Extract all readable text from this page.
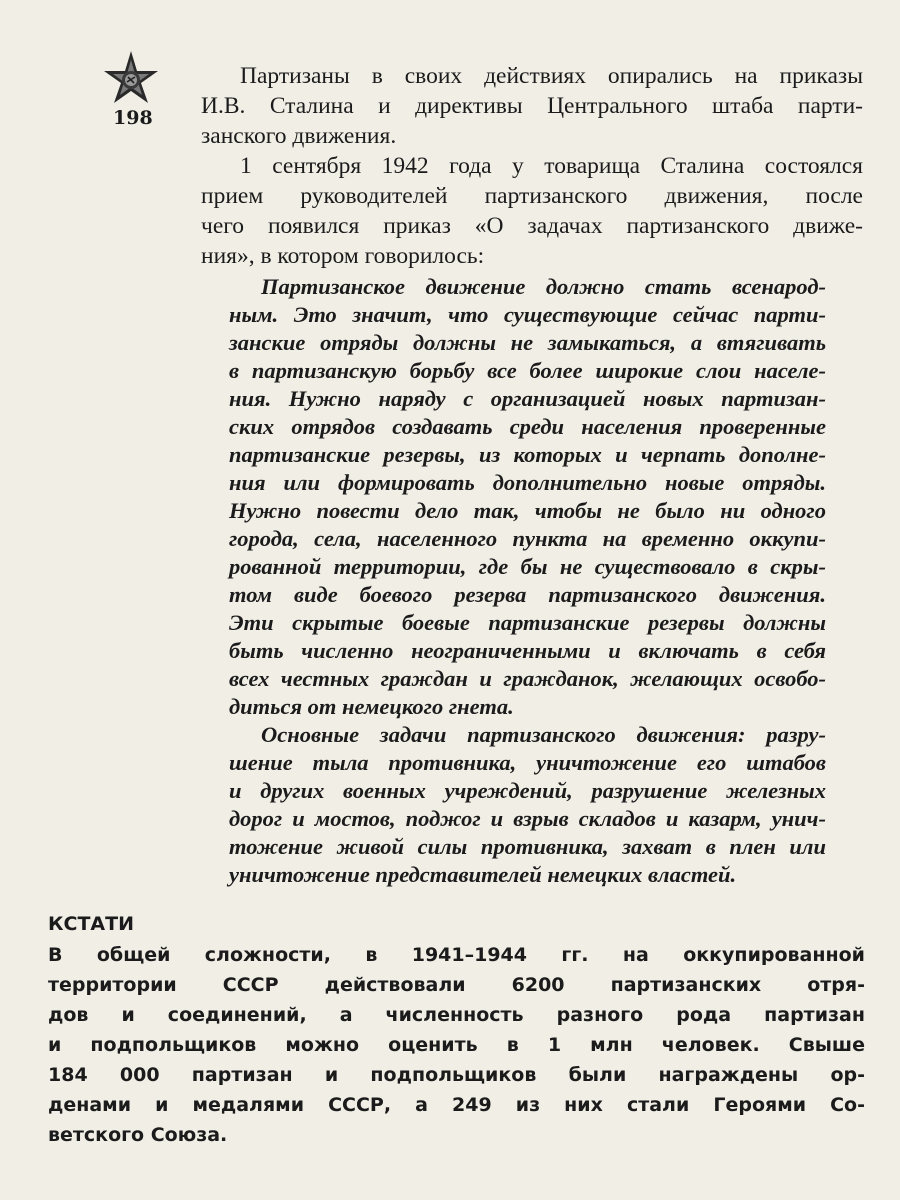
198
Партизаны в своих действиях опирались на приказы
И.В. Сталина и директивы Центрального штаба парти-
занского движения.
1 сентября 1942 года у товарища Сталина состоялся
прием руководителей партизанского движения, после
чего появился приказ «О задачах партизанского движе-
ния», в котором говорилось:
Партизанское движение должно стать всенарод-
ным. Это значит, что существующие сейчас парти-
занские отряды должны не замыкаться, а втягивать
в партизанскую борьбу все более широкие слои населе-
ния. Нужно наряду с организацией новых партизан-
ских отрядов создавать среди населения проверенные
партизанские резервы, из которых и черпать дополне-
ния или формировать дополнительно новые отряды.
Нужно повести дело так, чтобы не было ни одного
города, села, населенного пункта на временно оккупи-
рованной территории, где бы не существовало в скры-
том виде боевого резерва партизанского движения.
Эти скрытые боевые партизанские резервы должны
быть численно неограниченными и включать в себя
всех честных граждан и гражданок, желающих освобо-
диться от немецкого гнета.
Основные задачи партизанского движения: разру-
шение тыла противника, уничтожение его штабов
и других военных учреждений, разрушение железных
дорог и мостов, поджог и взрыв складов и казарм, унич-
тожение живой силы противника, захват в плен или
уничтожение представителей немецких властей.
КСТАТИ
В общей сложности, в 1941–1944 гг. на оккупированной
территории СССР действовали 6200 партизанских отря-
дов и соединений, а численность разного рода партизан
и подпольщиков можно оценить в 1 млн человек. Свыше
184 000 партизан и подпольщиков были награждены ор-
денами и медалями СССР, а 249 из них стали Героями Со-
ветского Союза.
